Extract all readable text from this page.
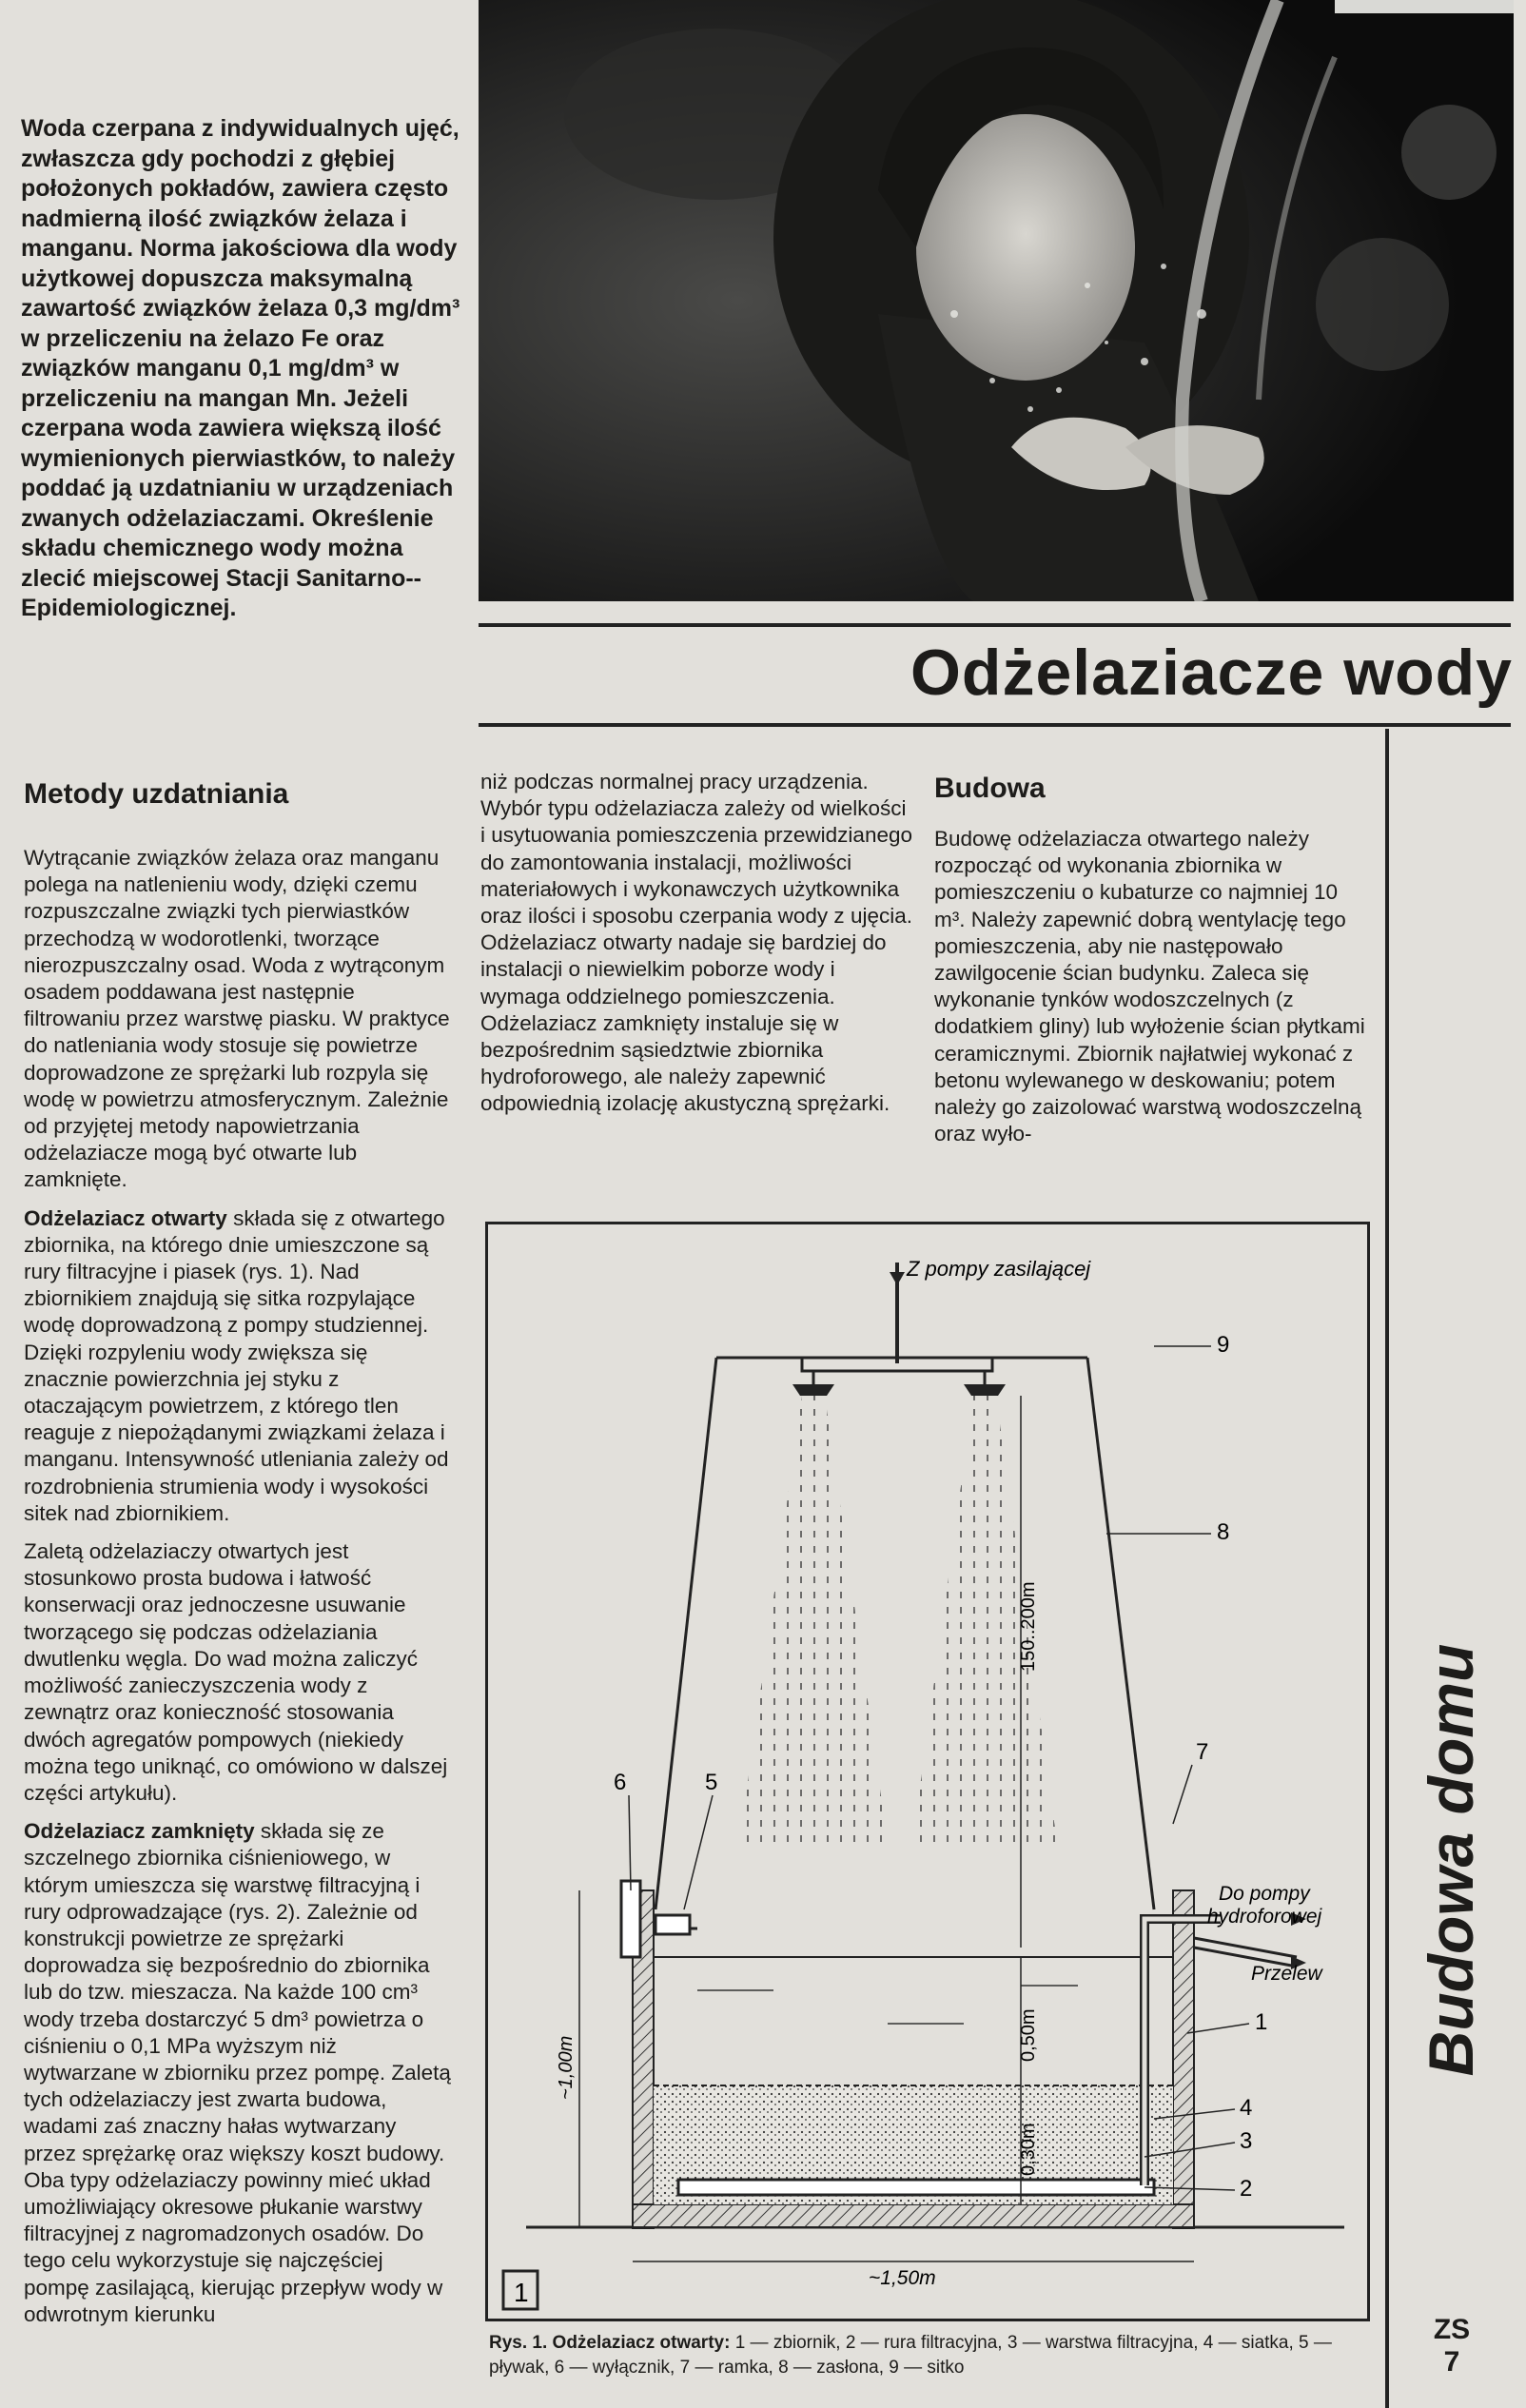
Woda czerpana z indywidualnych ujęć, zwłaszcza gdy pochodzi z głębiej położonych pokładów, zawiera często nadmierną ilość związków żelaza i manganu. Norma jakościowa dla wody użytkowej dopuszcza maksymalną zawartość związków żelaza 0,3 mg/dm³ w przeliczeniu na żelazo Fe oraz związków manganu 0,1 mg/dm³ w przeliczeniu na mangan Mn. Jeżeli czerpana woda zawiera większą ilość wymienionych pierwiastków, to należy poddać ją uzdatnianiu w urządzeniach zwanych odżelaziaczami. Określenie składu chemicznego wody można zlecić miejscowej Stacji Sanitarno--Epidemiologicznej.
Odżelaziacze wody
Metody uzdatniania

Wytrącanie związków żelaza oraz manganu polega na natlenieniu wody, dzięki czemu rozpuszczalne związki tych pierwiastków przechodzą w wodorotlenki, tworzące nierozpuszczalny osad. Woda z wytrąconym osadem poddawana jest następnie filtrowaniu przez warstwę piasku. W praktyce do natleniania wody stosuje się powietrze doprowadzone ze sprężarki lub rozpyla się wodę w powietrzu atmosferycznym. Zależnie od przyjętej metody napowietrzania odżelaziacze mogą być otwarte lub zamknięte.

Odżelaziacz otwarty składa się z otwartego zbiornika, na którego dnie umieszczone są rury filtracyjne i piasek (rys. 1). Nad zbiornikiem znajdują się sitka rozpylające wodę doprowadzoną z pompy studziennej. Dzięki rozpyleniu wody zwiększa się znacznie powierzchnia jej styku z otaczającym powietrzem, z którego tlen reaguje z niepożądanymi związkami żelaza i manganu. Intensywność utleniania zależy od rozdrobnienia strumienia wody i wysokości sitek nad zbiornikiem.

Zaletą odżelaziaczy otwartych jest stosunkowo prosta budowa i łatwość konserwacji oraz jednoczesne usuwanie tworzącego się podczas odżelaziania dwutlenku węgla. Do wad można zaliczyć możliwość zanieczyszczenia wody z zewnątrz oraz konieczność stosowania dwóch agregatów pompowych (niekiedy można tego uniknąć, co omówiono w dalszej części artykułu).

Odżelaziacz zamknięty składa się ze szczelnego zbiornika ciśnieniowego, w którym umieszcza się warstwę filtracyjną i rury odprowadzające (rys. 2). Zależnie od konstrukcji powietrze ze sprężarki doprowadza się bezpośrednio do zbiornika lub do tzw. mieszacza. Na każde 100 cm³ wody trzeba dostarczyć 5 dm³ powietrza o ciśnieniu o 0,1 MPa wyższym niż wytwarzane w zbiorniku przez pompę. Zaletą tych odżelaziaczy jest zwarta budowa, wadami zaś znaczny hałas wytwarzany przez sprężarkę oraz większy koszt budowy.

Oba typy odżelaziaczy powinny mieć układ umożliwiający okresowe płukanie warstwy filtracyjnej z nagromadzonych osadów. Do tego celu wykorzystuje się najczęściej pompę zasilającą, kierując przepływ wody w odwrotnym kierunku

niż podczas normalnej pracy urządzenia. Wybór typu odżelaziacza zależy od wielkości i usytuowania pomieszczenia przewidzianego do zamontowania instalacji, możliwości materiałowych i wykonawczych użytkownika oraz ilości i sposobu czerpania wody z ujęcia. Odżelaziacz otwarty nadaje się bardziej do instalacji o niewielkim poborze wody i wymaga oddzielnego pomieszczenia. Odżelaziacz zamknięty instaluje się w bezpośrednim sąsiedztwie zbiornika hydroforowego, ale należy zapewnić odpowiednią izolację akustyczną sprężarki.

Budowa

Budowę odżelaziacza otwartego należy rozpocząć od wykonania zbiornika w pomieszczeniu o kubaturze co najmniej 10 m³. Należy zapewnić dobrą wentylację tego pomieszczenia, aby nie następowało zawilgocenie ścian budynku. Zaleca się wykonanie tynków wodoszczelnych (z dodatkiem gliny) lub wyłożenie ścian płytkami ceramicznymi. Zbiornik najłatwiej wykonać z betonu wylewanego w deskowaniu; potem należy go zaizolować warstwą wodoszczelną oraz wyło-

Budowa domu
Z pompy zasilającej
Do pompy
hydroforowej
Przelew
150..200m
0,50m
0,30m
~1,00m
~1,50m
1
1
2
3
4
5
6
7
8
9
Rys. 1. Odżelaziacz otwarty: 1 — zbiornik, 2 — rura filtracyjna, 3 — warstwa filtracyjna, 4 — siatka, 5 — pływak, 6 — wyłącznik, 7 — ramka, 8 — zasłona, 9 — sitko
ZS
7
